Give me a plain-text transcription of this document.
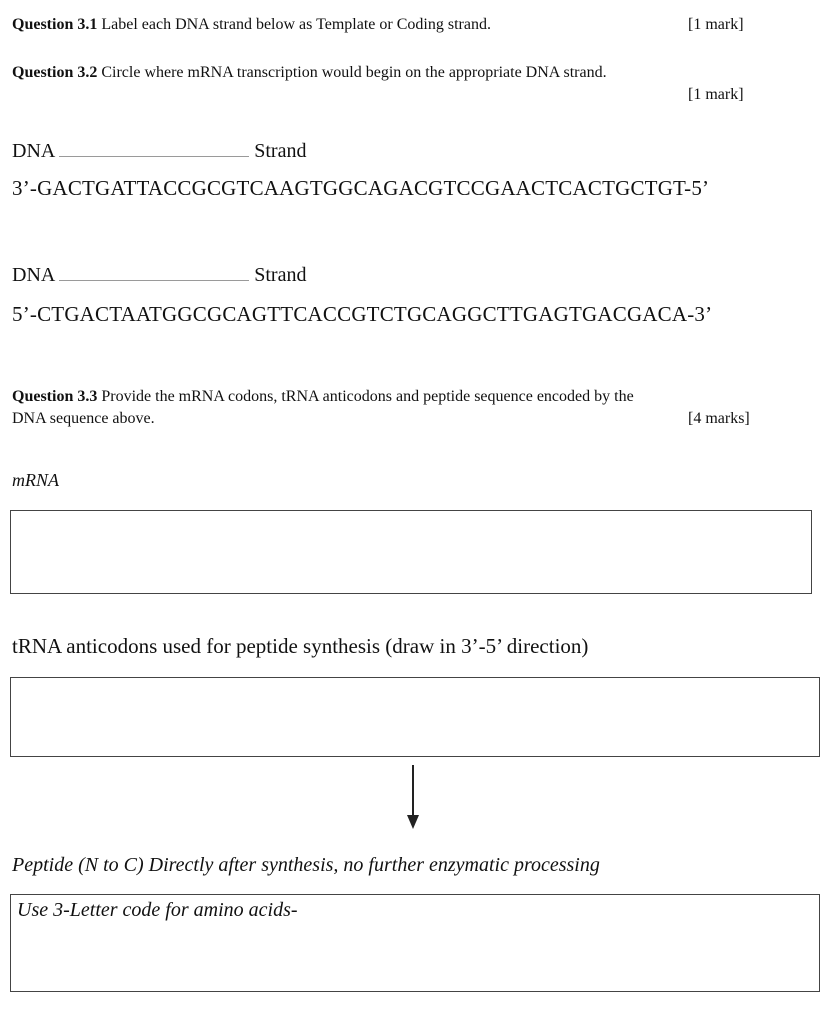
Question 3.1 Label each DNA strand below as Template or Coding strand.	[1 mark]
Question 3.2 Circle where mRNA transcription would begin on the appropriate DNA strand.
[1 mark]
DNA	Strand
3’-GACTGATTACCGCGTCAAGTGGCAGACGTCCGAACTCACTGCTGT-5’
DNA	Strand
5’-CTGACTAATGGCGCAGTTCACCGTCTGCAGGCTTGAGTGACGACA-3’
Question 3.3 Provide the mRNA codons, tRNA anticodons and peptide sequence encoded by the
DNA sequence above.	[4 marks]
mRNA
tRNA anticodons used for peptide synthesis (draw in 3’-5’ direction)
Peptide (N to C) Directly after synthesis, no further enzymatic processing
Use 3-Letter code for amino acids-
